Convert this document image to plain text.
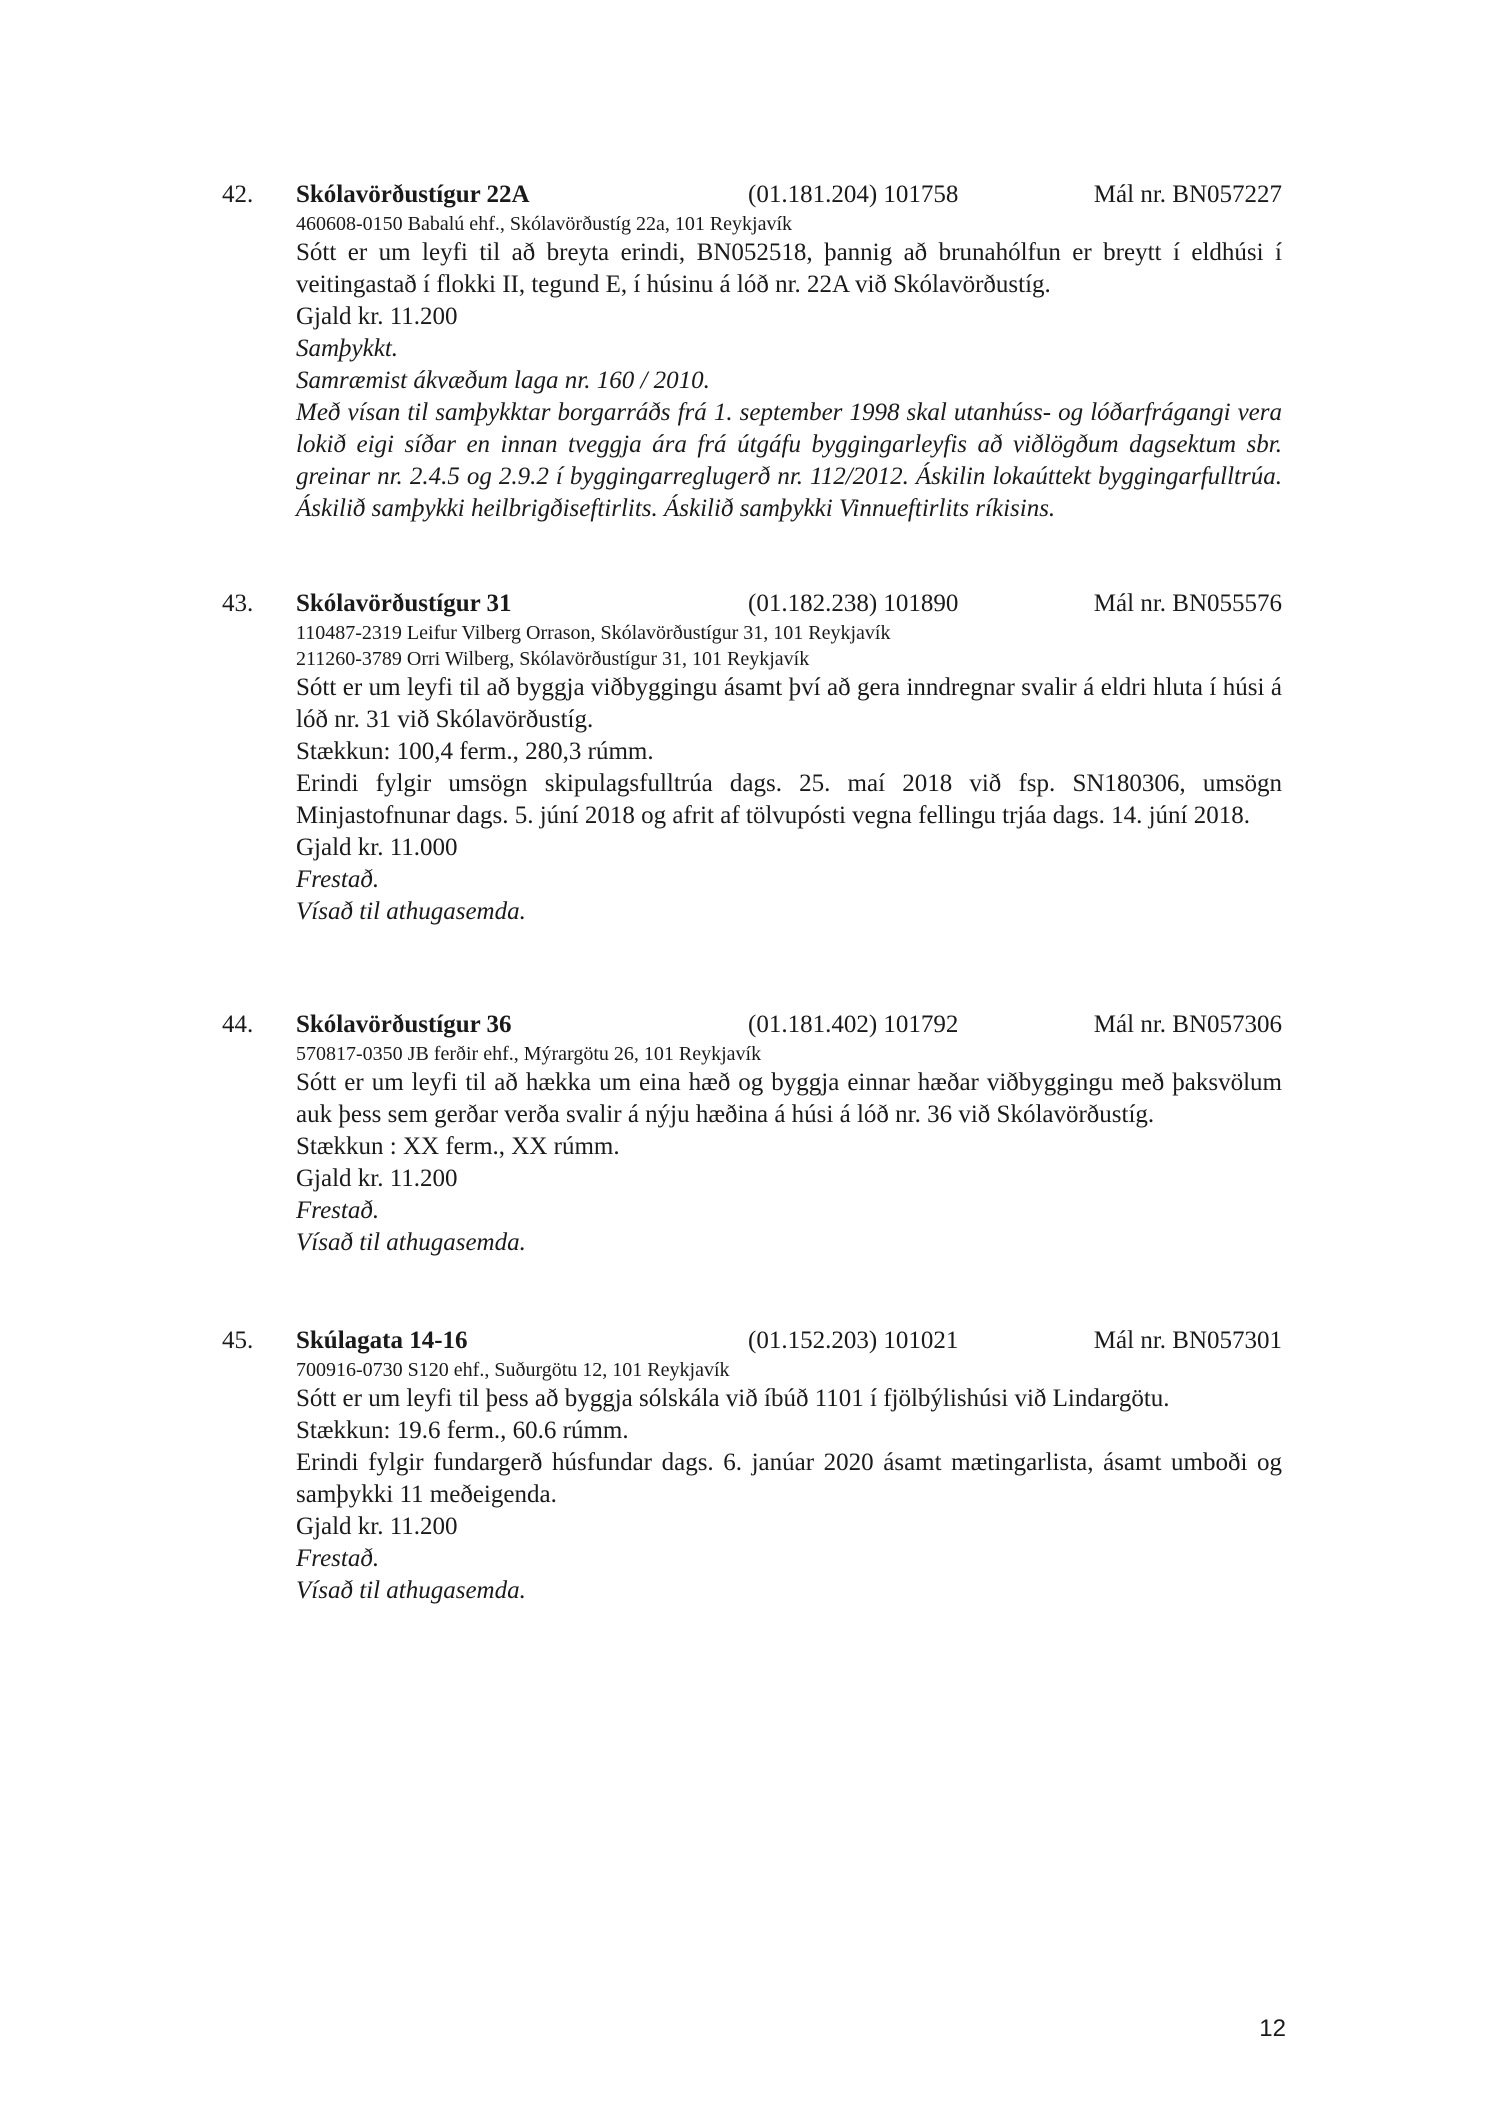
42. Skólavörðustígur 22A	(01.181.204) 101758	Mál nr. BN057227
460608-0150 Babalú ehf., Skólavörðustíg 22a, 101 Reykjavík
Sótt er um leyfi til að breyta erindi, BN052518, þannig að brunahólfun er breytt í eldhúsi í veitingastað í flokki II, tegund E, í húsinu á lóð nr. 22A við Skólavörðustíg.
Gjald kr. 11.200
Samþykkt.
Samræmist ákvæðum laga nr. 160 / 2010.
Með vísan til samþykktar borgarráðs frá 1. september 1998 skal utanhúss- og lóðarfrágangi vera lokið eigi síðar en innan tveggja ára frá útgáfu byggingarleyfis að viðlögðum dagsektum sbr. greinar nr. 2.4.5 og 2.9.2 í byggingarreglugerð nr. 112/2012. Áskilin lokaúttekt byggingarfulltrúa. Áskilið samþykki heilbrigðiseftirlits. Áskilið samþykki Vinnueftirlits ríkisins.
43. Skólavörðustígur 31	(01.182.238) 101890	Mál nr. BN055576
110487-2319 Leifur Vilberg Orrason, Skólavörðustígur 31, 101 Reykjavík
211260-3789 Orri Wilberg, Skólavörðustígur 31, 101 Reykjavík
Sótt er um leyfi til að byggja viðbyggingu ásamt því að gera inndregnar svalir á eldri hluta í húsi á lóð nr. 31 við Skólavörðustíg.
Stækkun: 100,4 ferm., 280,3 rúmm.
Erindi fylgir umsögn skipulagsfulltrúa dags. 25. maí 2018 við fsp. SN180306, umsögn Minjastofnunar dags. 5. júní 2018 og afrit af tölvupósti vegna fellingu trjáa dags. 14. júní 2018.
Gjald kr. 11.000
Frestað.
Vísað til athugasemda.
44. Skólavörðustígur 36	(01.181.402) 101792	Mál nr. BN057306
570817-0350 JB ferðir ehf., Mýrargötu 26, 101 Reykjavík
Sótt er um leyfi til að hækka um eina hæð og byggja einnar hæðar viðbyggingu með þaksvölum auk þess sem gerðar verða svalir á nýju hæðina á húsi á lóð nr. 36 við Skólavörðustíg.
Stækkun : XX ferm., XX rúmm.
Gjald kr. 11.200
Frestað.
Vísað til athugasemda.
45. Skúlagata 14-16	(01.152.203) 101021	Mál nr. BN057301
700916-0730 S120 ehf., Suðurgötu 12, 101 Reykjavík
Sótt er um leyfi til þess að byggja sólskála við íbúð 1101 í fjölbýlishúsi við Lindargötu.
Stækkun: 19.6 ferm., 60.6 rúmm.
Erindi fylgir fundargerð húsfundar dags. 6. janúar 2020 ásamt mætingarlista, ásamt umboði og samþykki 11 meðeigenda.
Gjald kr. 11.200
Frestað.
Vísað til athugasemda.
12
